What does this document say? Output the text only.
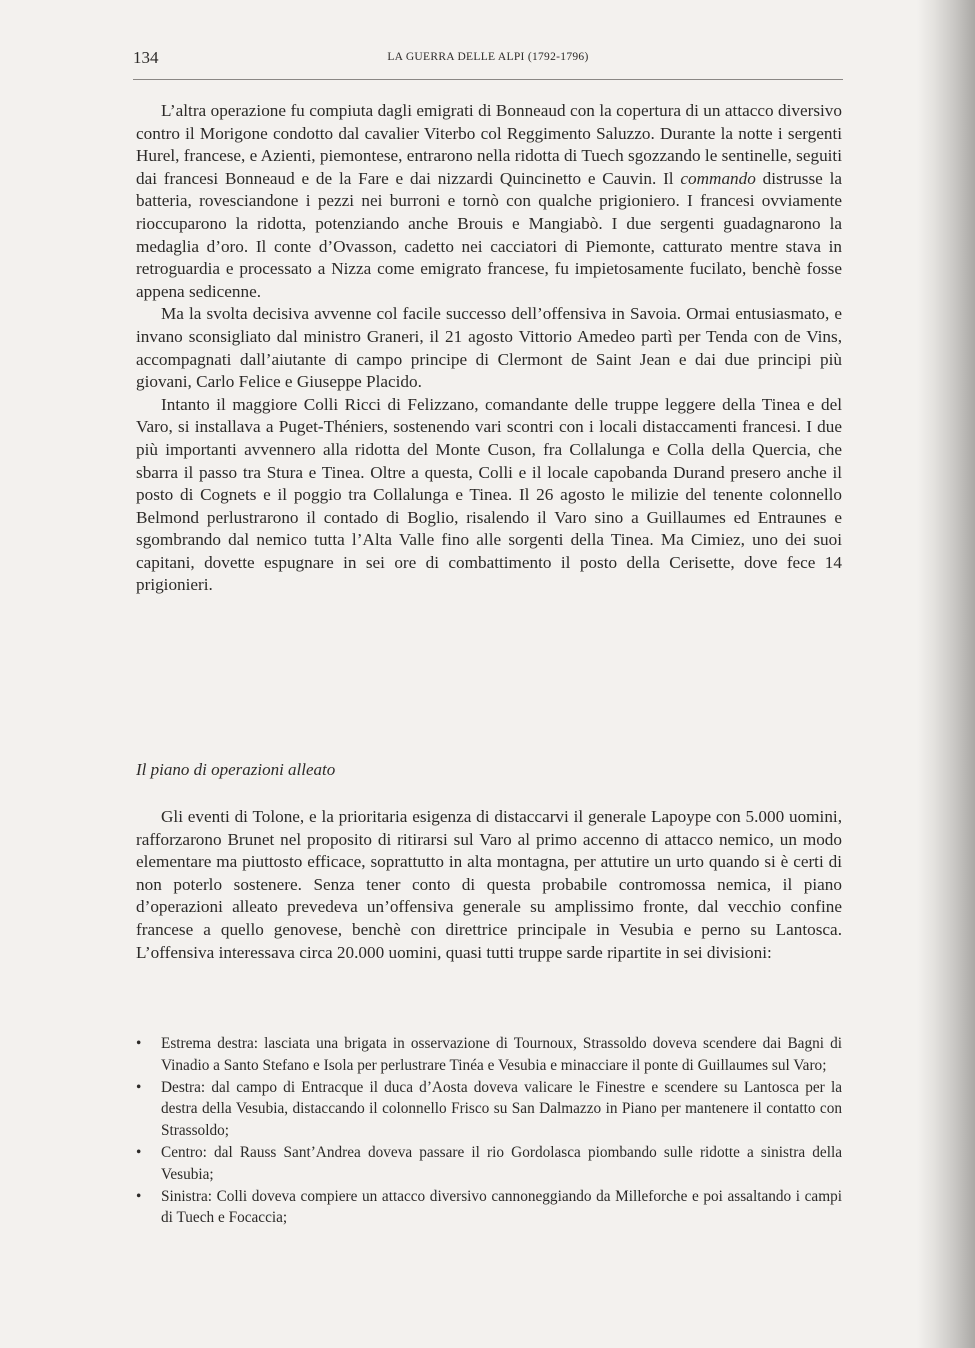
134	LA GUERRA DELLE ALPI (1792-1796)

L’altra operazione fu compiuta dagli emigrati di Bonneaud con la copertura di un attacco diversivo contro il Morigone condotto dal cavalier Viterbo col Reggimento Saluzzo. Durante la notte i sergenti Hurel, francese, e Azienti, piemontese, entrarono nella ridotta di Tuech sgozzando le sentinelle, seguiti dai francesi Bonneaud e de la Fare e dai nizzardi Quincinetto e Cauvin. Il commando distrusse la batteria, rovesciandone i pezzi nei burroni e tornò con qualche prigioniero. I francesi ovviamente rioccuparono la ridotta, potenziando anche Brouis e Mangiabò. I due sergenti guadagnarono la medaglia d’oro. Il conte d’Ovasson, cadetto nei cacciatori di Piemonte, catturato mentre stava in retroguardia e processato a Nizza come emigrato francese, fu impietosamente fucilato, benchè fosse appena sedicenne.

Ma la svolta decisiva avvenne col facile successo dell’offensiva in Savoia. Ormai entusiasmato, e invano sconsigliato dal ministro Graneri, il 21 agosto Vittorio Amedeo partì per Tenda con de Vins, accompagnati dall’aiutante di campo principe di Clermont de Saint Jean e dai due principi più giovani, Carlo Felice e Giuseppe Placido.

Intanto il maggiore Colli Ricci di Felizzano, comandante delle truppe leggere della Tinea e del Varo, si installava a Puget-Théniers, sostenendo vari scontri con i locali distaccamenti francesi. I due più importanti avvennero alla ridotta del Monte Cuson, fra Collalunga e Colla della Quercia, che sbarra il passo tra Stura e Tinea. Oltre a questa, Colli e il locale capobanda Durand presero anche il posto di Cognets e il poggio tra Collalunga e Tinea. Il 26 agosto le milizie del tenente colonnello Belmond perlustrarono il contado di Boglio, risalendo il Varo sino a Guillaumes ed Entraunes e sgombrando dal nemico tutta l’Alta Valle fino alle sorgenti della Tinea. Ma Cimiez, uno dei suoi capitani, dovette espugnare in sei ore di combattimento il posto della Cerisette, dove fece 14 prigionieri.

Il piano di operazioni alleato

Gli eventi di Tolone, e la prioritaria esigenza di distaccarvi il generale Lapoype con 5.000 uomini, rafforzarono Brunet nel proposito di ritirarsi sul Varo al primo accenno di attacco nemico, un modo elementare ma piuttosto efficace, soprattutto in alta montagna, per attutire un urto quando si è certi di non poterlo sostenere. Senza tener conto di questa probabile contromossa nemica, il piano d’operazioni alleato prevedeva un’offensiva generale su amplissimo fronte, dal vecchio confine francese a quello genovese, benchè con direttrice principale in Vesubia e perno su Lantosca. L’offensiva interessava circa 20.000 uomini, quasi tutti truppe sarde ripartite in sei divisioni:

• Estrema destra: lasciata una brigata in osservazione di Tournoux, Strassoldo doveva scendere dai Bagni di Vinadio a Santo Stefano e Isola per perlustrare Tinéa e Vesubia e minacciare il ponte di Guillaumes sul Varo;
• Destra: dal campo di Entracque il duca d’Aosta doveva valicare le Finestre e scendere su Lantosca per la destra della Vesubia, distaccando il colonnello Frisco su San Dalmazzo in Piano per mantenere il contatto con Strassoldo;
• Centro: dal Rauss Sant’Andrea doveva passare il rio Gordolasca piombando sulle ridotte a sinistra della Vesubia;
• Sinistra: Colli doveva compiere un attacco diversivo cannoneggiando da Milleforche e poi assaltando i campi di Tuech e Focaccia;
